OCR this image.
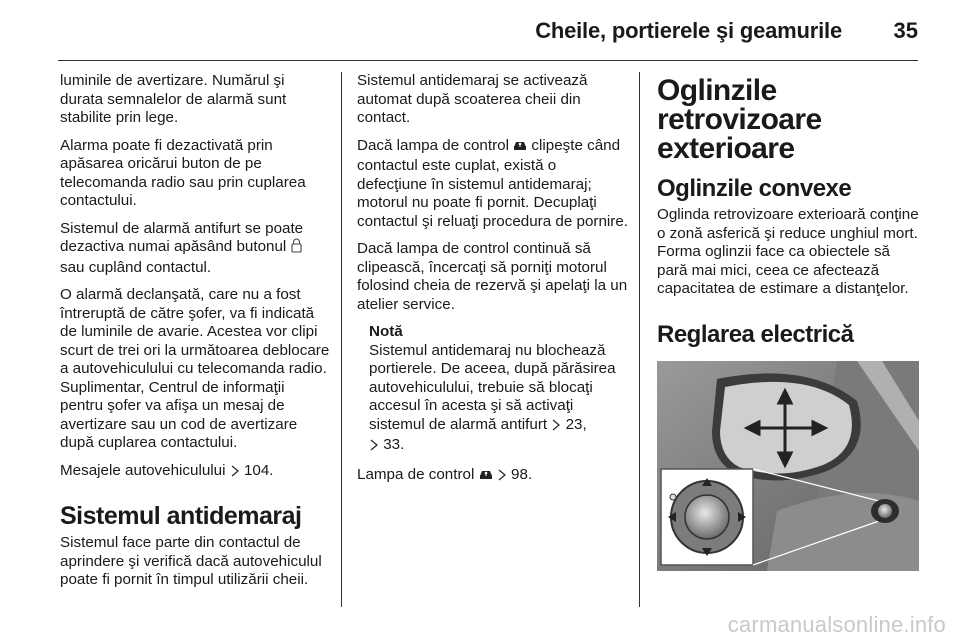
Cheile, portierele şi geamurile 35

luminile de avertizare. Numărul şi durata semnalelor de alarmă sunt stabilite prin lege.

Alarma poate fi dezactivată prin apăsarea oricărui buton de pe telecomanda radio sau prin cuplarea contactului.

Sistemul de alarmă antifurt se poate dezactiva numai apăsând butonul  sau cuplând contactul.

O alarmă declanşată, care nu a fost întreruptă de către şofer, va fi indicată de luminile de avarie. Acestea vor clipi scurt de trei ori la următoarea deblocare a autovehiculului cu telecomanda radio. Suplimentar, Centrul de informaţii pentru şofer va afişa un mesaj de avertizare sau un cod de avertizare după cuplarea contactului.

Mesajele autovehiculului  104.

Sistemul antidemaraj

Sistemul face parte din contactul de aprindere şi verifică dacă autovehiculul poate fi pornit în timpul utilizării cheii.

Sistemul antidemaraj se activează automat după scoaterea cheii din contact.

Dacă lampa de control  clipeşte când contactul este cuplat, există o defecţiune în sistemul antidemaraj; motorul nu poate fi pornit. Decuplaţi contactul şi reluaţi procedura de pornire.

Dacă lampa de control continuă să clipească, încercaţi să porniţi motorul folosind cheia de rezervă şi apelaţi la un atelier service.

Notă
Sistemul antidemaraj nu blochează portierele. De aceea, după părăsirea autovehiculului, trebuie să blocaţi accesul în acesta şi să activaţi sistemul de alarmă antifurt  23,
33.

Lampa de control   98.

Oglinzile retrovizoare exterioare
Oglinzile convexe

Oglinda retrovizoare exterioară conţine o zonă asferică şi reduce unghiul mort. Forma oglinzii face ca obiectele să pară mai mici, ceea ce afectează capacitatea de estimare a distanţelor.

Reglarea electrică
carmanualsonline.info
